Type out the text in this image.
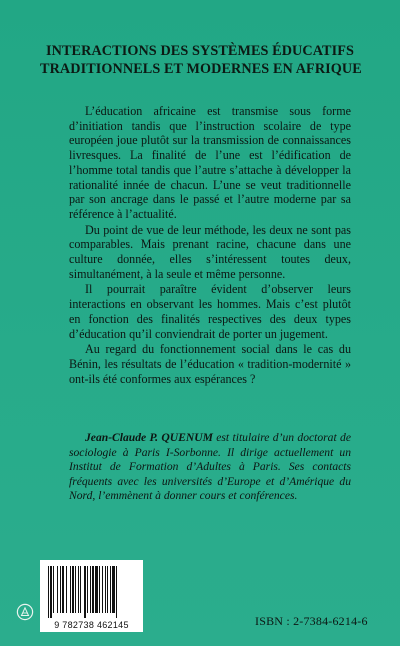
INTERACTIONS DES SYSTÈMES ÉDUCATIFS
TRADITIONNELS ET MODERNES EN AFRIQUE

L’éducation africaine est transmise sous forme d’initiation tandis que l’instruction scolaire de type européen joue plutôt sur la transmission de connaissances livresques. La finalité de l’une est l’édification de l’homme total tandis que l’autre s’attache à développer la rationalité innée de chacun. L’une se veut traditionnelle par son ancrage dans le passé et l’autre moderne par sa référence à l’actualité.

Du point de vue de leur méthode, les deux ne sont pas comparables. Mais prenant racine, chacune dans une culture donnée, elles s’intéressent toutes deux, simultanément, à la seule et même personne.

Il pourrait paraître évident d’observer leurs interactions en observant les hommes. Mais c’est plutôt en fonction des finalités respectives des deux types d’éducation qu’il conviendrait de porter un jugement.

Au regard du fonctionnement social dans le cas du Bénin, les résultats de l’éducation « tradition-modernité » ont-ils été conformes aux espérances ?

Jean-Claude P. QUENUM est titulaire d’un doctorat de sociologie à Paris I-Sorbonne. Il dirige actuellement un Institut de Formation d’Adultes à Paris. Ses contacts fréquents avec les universités d’Europe et d’Amérique du Nord, l’emmènent à donner cours et conférences.
9 782738 462145	ISBN : 2-7384-6214-6
